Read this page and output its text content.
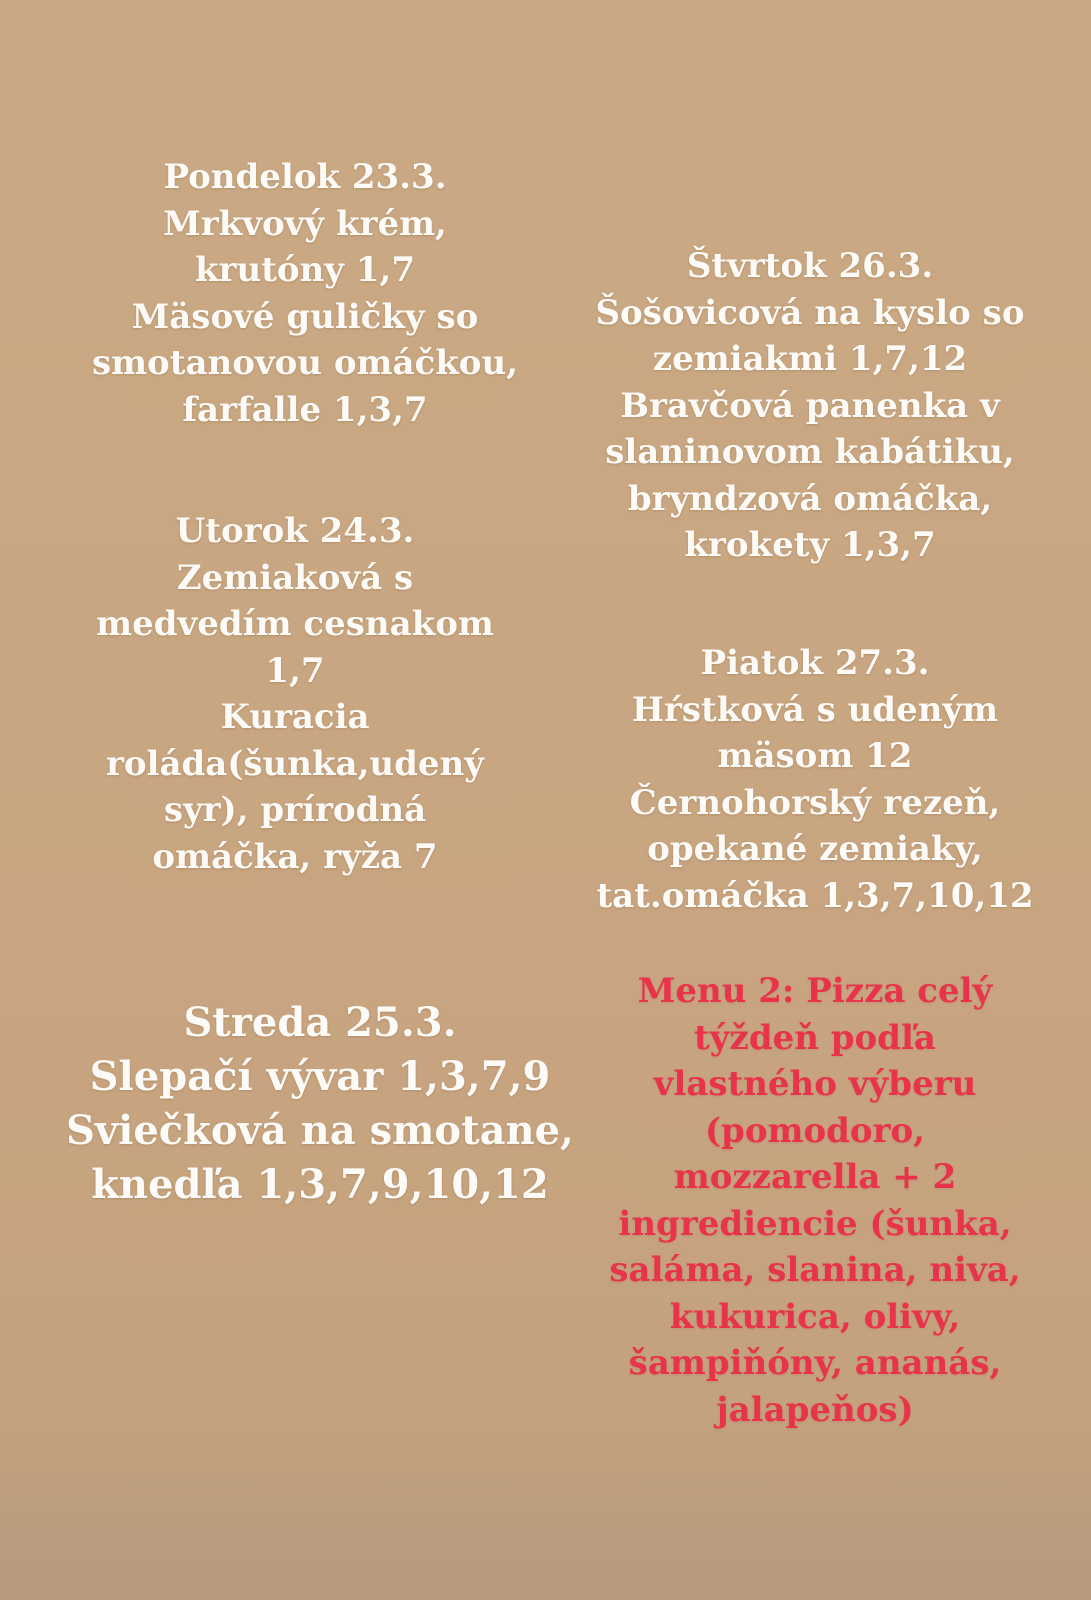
Pondelok 23.3.
Mrkvový krém,
krutóny 1,7
Mäsové guličky so
smotanovou omáčkou,
farfalle 1,3,7
Utorok 24.3.
Zemiaková s
medvedím cesnakom
1,7
Kuracia
roláda(šunka,udený
syr), prírodná
omáčka, ryža 7
Streda 25.3.
Slepačí vývar 1,3,7,9
Sviečková na smotane,
knedľa 1,3,7,9,10,12
Štvrtok 26.3.
Šošovicová na kyslo so
zemiakmi 1,7,12
Bravčová panenka v
slaninovom kabátiku,
bryndzová omáčka,
krokety 1,3,7
Piatok 27.3.
Hŕstková s udeným
mäsom 12
Černohorský rezeň,
opekané zemiaky,
tat.omáčka 1,3,7,10,12
Menu 2: Pizza celý
týždeň podľa
vlastného výberu
(pomodoro,
mozzarella + 2
ingrediencie (šunka,
saláma, slanina, niva,
kukurica, olivy,
šampiňóny, ananás,
jalapeňos)
